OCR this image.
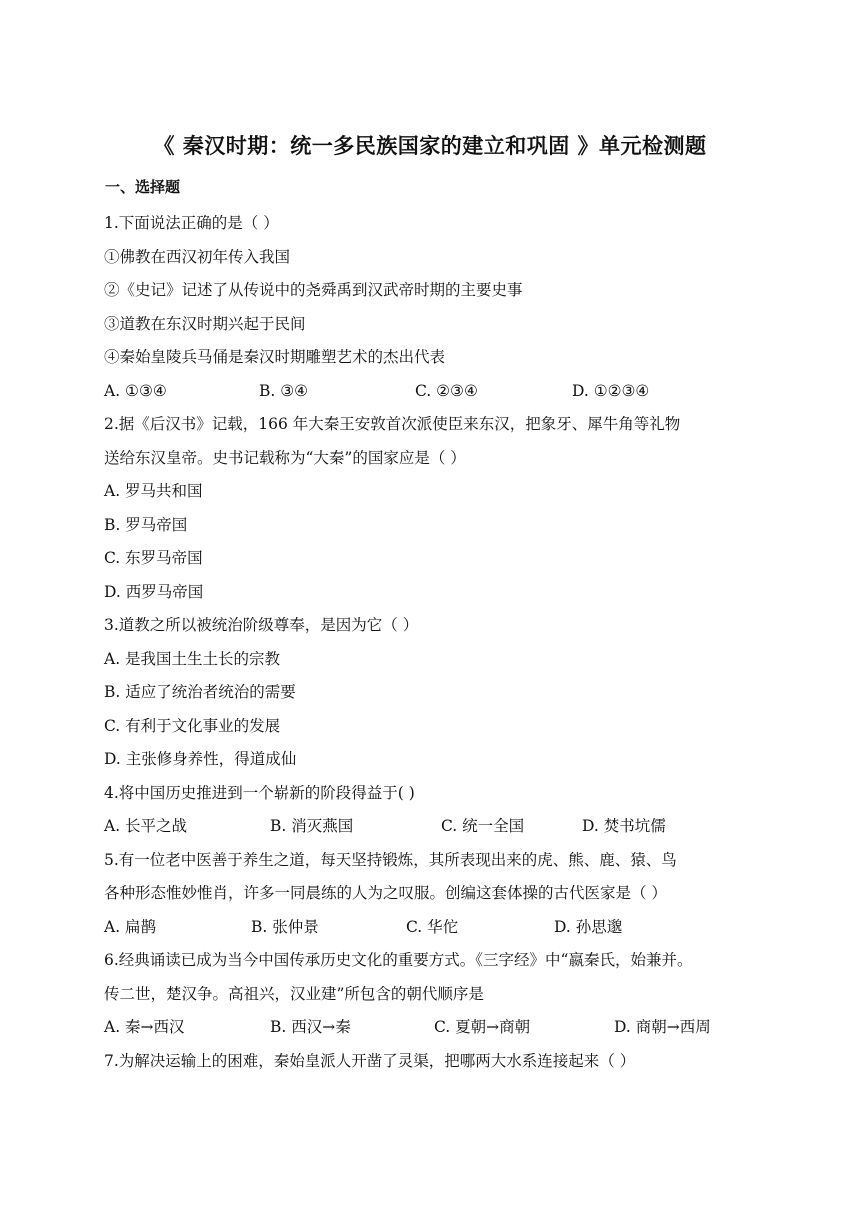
《 秦汉时期：统一多民族国家的建立和巩固 》单元检测题
一、选择题
1.下面说法正确的是（ ）
①佛教在西汉初年传入我国
②《史记》记述了从传说中的尧舜禹到汉武帝时期的主要史事
③道教在东汉时期兴起于民间
④秦始皇陵兵马俑是秦汉时期雕塑艺术的杰出代表
A. ①③④	B. ③④	C. ②③④	D. ①②③④
2.据《后汉书》记载，166 年大秦王安敦首次派使臣来东汉，把象牙、犀牛角等礼物
送给东汉皇帝。史书记载称为“大秦”的国家应是（ ）
A. 罗马共和国
B. 罗马帝国
C. 东罗马帝国
D. 西罗马帝国
3.道教之所以被统治阶级尊奉，是因为它（ ）
A. 是我国土生土长的宗教
B. 适应了统治者统治的需要
C. 有利于文化事业的发展
D. 主张修身养性，得道成仙
4.将中国历史推进到一个崭新的阶段得益于( )
A. 长平之战	B. 消灭燕国	C. 统一全国	D. 焚书坑儒
5.有一位老中医善于养生之道，每天坚持锻炼，其所表现出来的虎、熊、鹿、猿、鸟
各种形态惟妙惟肖，许多一同晨练的人为之叹服。创编这套体操的古代医家是（ ）
A. 扁鹊	B. 张仲景	C. 华佗	D. 孙思邈
6.经典诵读已成为当今中国传承历史文化的重要方式。《三字经》中“嬴秦氏，始兼并。
传二世，楚汉争。高祖兴，汉业建”所包含的朝代顺序是
A. 秦→西汉	B. 西汉→秦	C. 夏朝→商朝	D. 商朝→西周
7.为解决运输上的困难，秦始皇派人开凿了灵渠，把哪两大水系连接起来（ ）
